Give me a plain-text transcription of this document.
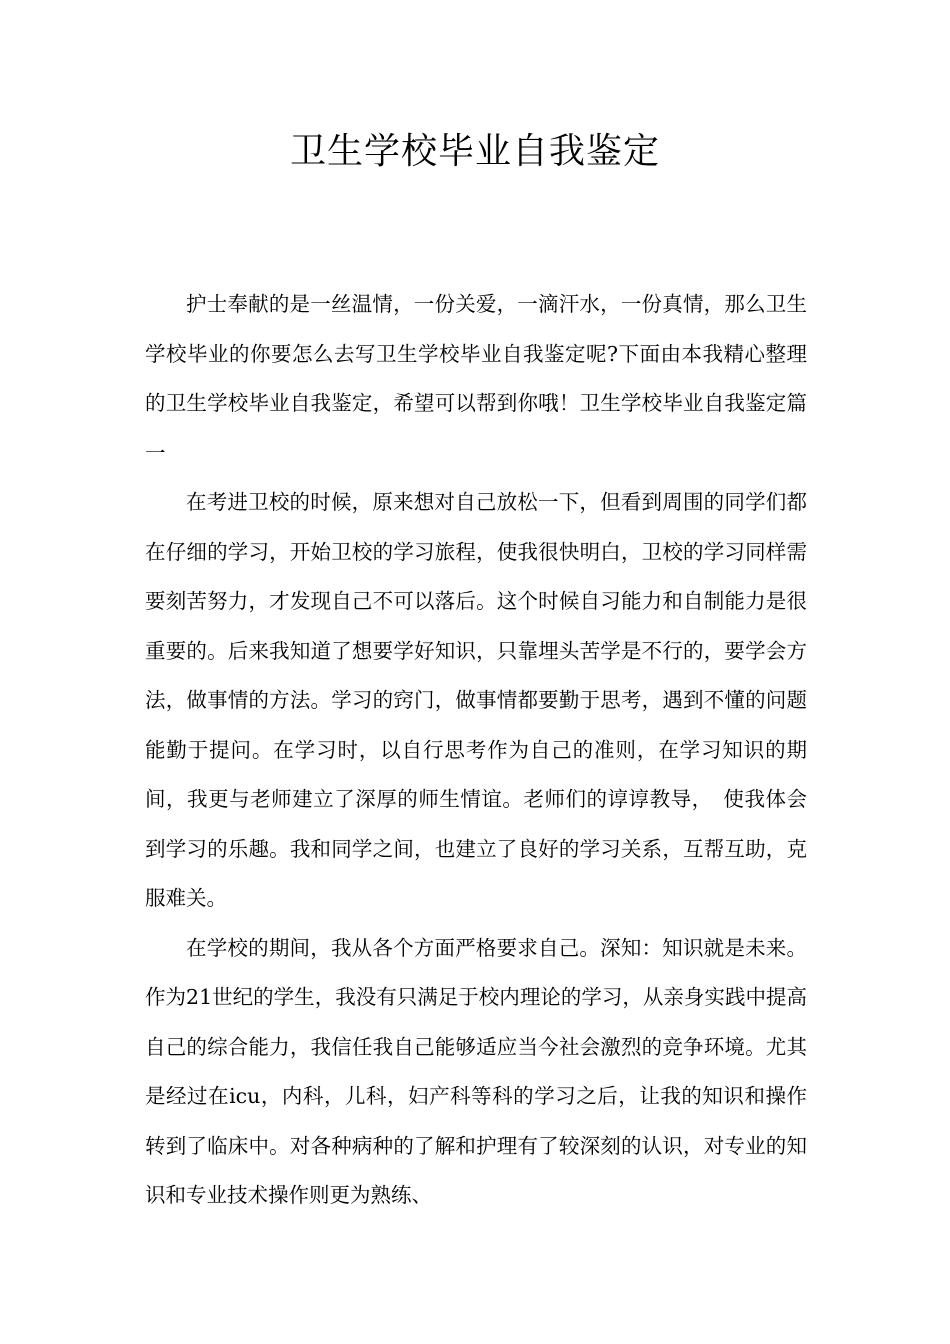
卫生学校毕业自我鉴定

护士奉献的是一丝温情，一份关爱，一滴汗水，一份真情，那么卫生学校毕业的你要怎么去写卫生学校毕业自我鉴定呢?下面由本我精心整理的卫生学校毕业自我鉴定，希望可以帮到你哦！卫生学校毕业自我鉴定篇一

在考进卫校的时候，原来想对自己放松一下，但看到周围的同学们都在仔细的学习，开始卫校的学习旅程，使我很快明白，卫校的学习同样需要刻苦努力，才发现自己不可以落后。这个时候自习能力和自制能力是很重要的。后来我知道了想要学好知识，只靠埋头苦学是不行的，要学会方法，做事情的方法。学习的窍门，做事情都要勤于思考，遇到不懂的问题能勤于提问。在学习时，以自行思考作为自己的准则，在学习知识的期间，我更与老师建立了深厚的师生情谊。老师们的谆谆教导，　使我体会到学习的乐趣。我和同学之间，也建立了良好的学习关系，互帮互助，克服难关。

在学校的期间，我从各个方面严格要求自己。深知：知识就是未来。作为21世纪的学生，我没有只满足于校内理论的学习，从亲身实践中提高自己的综合能力，我信任我自己能够适应当今社会激烈的竞争环境。尤其是经过在icu，内科，儿科，妇产科等科的学习之后，让我的知识和操作转到了临床中。对各种病种的了解和护理有了较深刻的认识，对专业的知识和专业技术操作则更为熟练、
